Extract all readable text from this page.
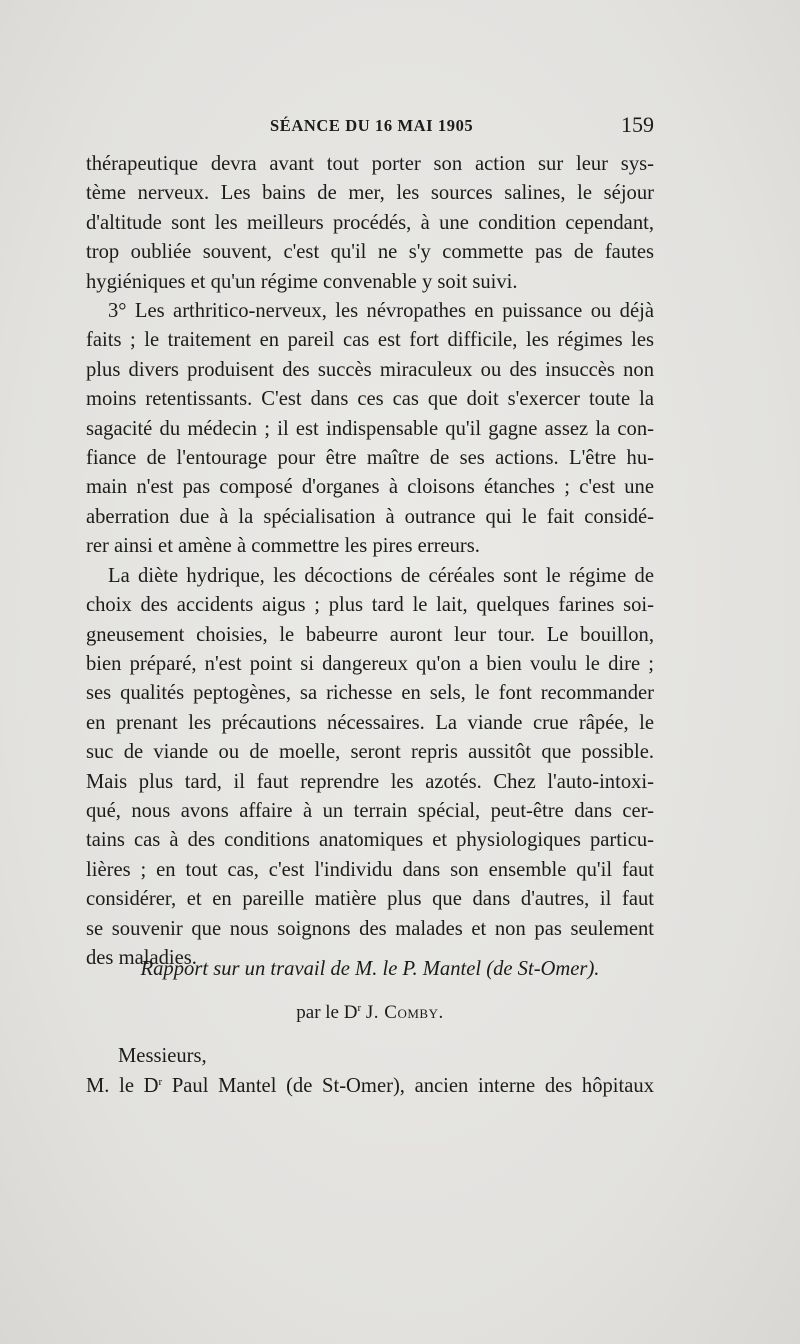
SÉANCE DU 16 MAI 1905	159
thérapeutique devra avant tout porter son action sur leur sys-
tème nerveux. Les bains de mer, les sources salines, le séjour
d'altitude sont les meilleurs procédés, à une condition cependant,
trop oubliée souvent, c'est qu'il ne s'y commette pas de fautes
hygiéniques et qu'un régime convenable y soit suivi.
3° Les arthritico-nerveux, les névropathes en puissance ou déjà
faits ; le traitement en pareil cas est fort difficile, les régimes les
plus divers produisent des succès miraculeux ou des insuccès non
moins retentissants. C'est dans ces cas que doit s'exercer toute la
sagacité du médecin ; il est indispensable qu'il gagne assez la con-
fiance de l'entourage pour être maître de ses actions. L'être hu-
main n'est pas composé d'organes à cloisons étanches ; c'est une
aberration due à la spécialisation à outrance qui le fait considé-
rer ainsi et amène à commettre les pires erreurs.
La diète hydrique, les décoctions de céréales sont le régime de
choix des accidents aigus ; plus tard le lait, quelques farines soi-
gneusement choisies, le babeurre auront leur tour. Le bouillon,
bien préparé, n'est point si dangereux qu'on a bien voulu le dire ;
ses qualités peptogènes, sa richesse en sels, le font recommander
en prenant les précautions nécessaires. La viande crue râpée, le
suc de viande ou de moelle, seront repris aussitôt que possible.
Mais plus tard, il faut reprendre les azotés. Chez l'auto-intoxi-
qué, nous avons affaire à un terrain spécial, peut-être dans cer-
tains cas à des conditions anatomiques et physiologiques particu-
lières ; en tout cas, c'est l'individu dans son ensemble qu'il faut
considérer, et en pareille matière plus que dans d'autres, il faut
se souvenir que nous soignons des malades et non pas seulement
des maladies.
Rapport sur un travail de M. le P. Mantel (de St-Omer).
par le $D^r$ J. Comby.
Messieurs,
M. le $D^r$ Paul Mantel (de St-Omer), ancien interne des hôpitaux
